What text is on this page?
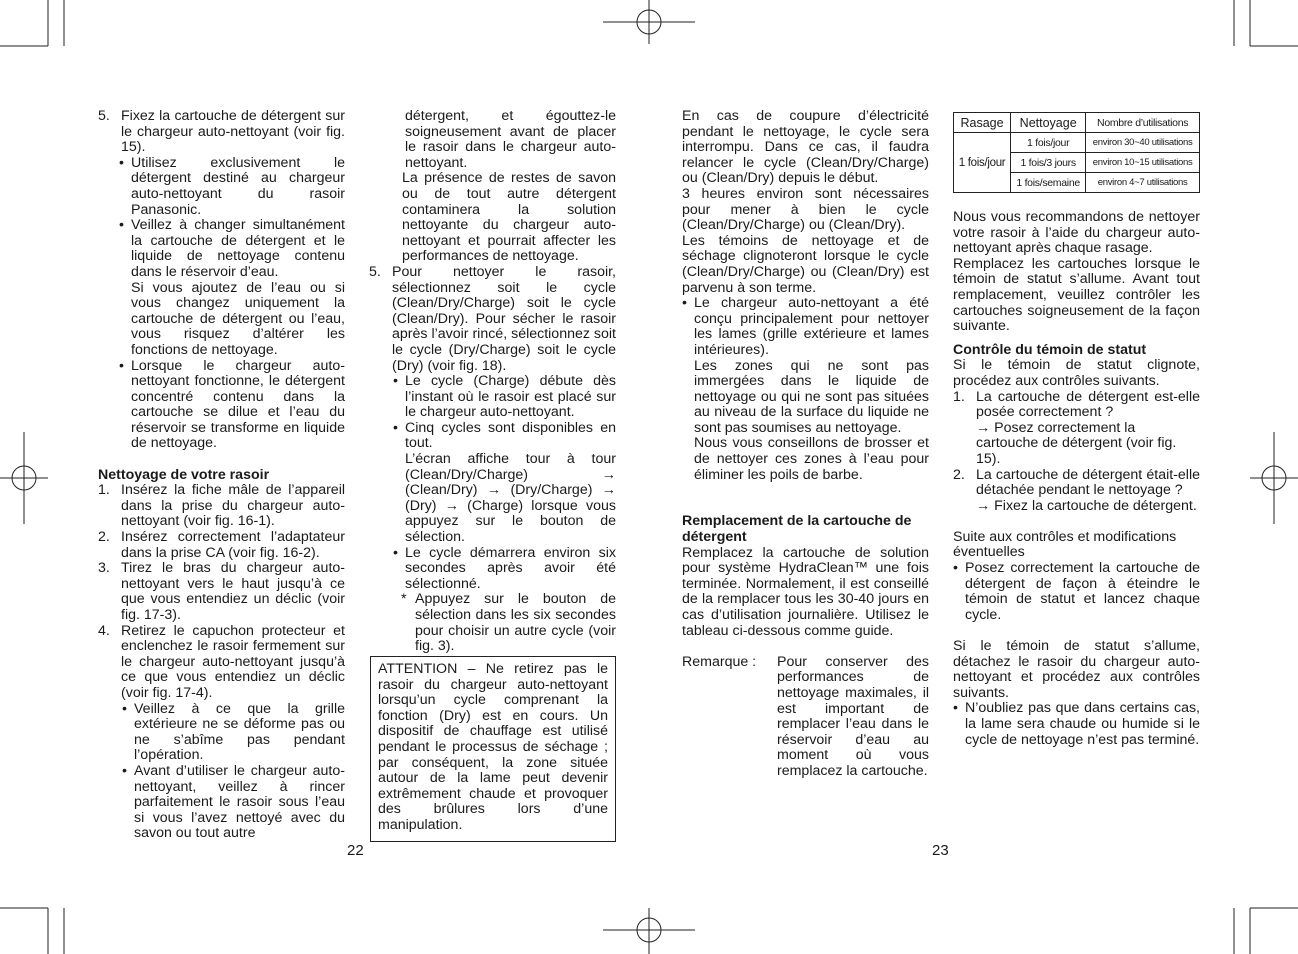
5. Fixez la cartouche de détergent sur le chargeur auto-nettoyant (voir fig. 15).
• Utilisez exclusivement le détergent destiné au chargeur auto-nettoyant du rasoir Panasonic.
• Veillez à changer simultanément la cartouche de détergent et le liquide de nettoyage contenu dans le réservoir d’eau.
Si vous ajoutez de l’eau ou si vous changez uniquement la cartouche de détergent ou l’eau, vous risquez d’altérer les fonctions de nettoyage.
• Lorsque le chargeur auto-nettoyant fonctionne, le détergent concentré contenu dans la cartouche se dilue et l’eau du réservoir se transforme en liquide de nettoyage.

Nettoyage de votre rasoir

1. Insérez la fiche mâle de l’appareil dans la prise du chargeur auto-nettoyant (voir fig. 16-1).
2. Insérez correctement l’adaptateur dans la prise CA (voir fig. 16-2).
3. Tirez le bras du chargeur auto-nettoyant vers le haut jusqu’à ce que vous entendiez un déclic (voir fig. 17-3).
4. Retirez le capuchon protecteur et enclenchez le rasoir fermement sur le chargeur auto-nettoyant jusqu’à ce que vous entendiez un déclic (voir fig. 17-4).
• Veillez à ce que la grille extérieure ne se déforme pas ou ne s’abîme pas pendant l’opération.
• Avant d’utiliser le chargeur auto-nettoyant, veillez à rincer parfaitement le rasoir sous l’eau si vous l’avez nettoyé avec du savon ou tout autre

détergent, et égouttez-le soigneusement avant de placer le rasoir dans le chargeur auto-nettoyant.

La présence de restes de savon ou de tout autre détergent contaminera la solution nettoyante du chargeur auto-nettoyant et pourrait affecter les performances de nettoyage.

5. Pour nettoyer le rasoir, sélectionnez soit le cycle (Clean/Dry/Charge) soit le cycle (Clean/Dry). Pour sécher le rasoir après l’avoir rincé, sélectionnez soit le cycle (Dry/Charge) soit le cycle (Dry) (voir fig. 18).
• Le cycle (Charge) débute dès l’instant où le rasoir est placé sur le chargeur auto-nettoyant.
• Cinq cycles sont disponibles en tout.
L’écran affiche tour à tour (Clean/Dry/Charge) → (Clean/Dry) → (Dry/Charge) → (Dry) → (Charge) lorsque vous appuyez sur le bouton de sélection.
• Le cycle démarrera environ six secondes après avoir été sélectionné.
* Appuyez sur le bouton de sélection dans les six secondes pour choisir un autre cycle (voir fig. 3).
ATTENTION – Ne retirez pas le rasoir du chargeur auto-nettoyant lorsqu’un cycle comprenant la fonction (Dry) est en cours. Un dispositif de chauffage est utilisé pendant le processus de séchage ; par conséquent, la zone située autour de la lame peut devenir extrêmement chaude et provoquer des brûlures lors d’une manipulation.
22

En cas de coupure d’électricité pendant le nettoyage, le cycle sera interrompu. Dans ce cas, il faudra relancer le cycle (Clean/Dry/Charge) ou (Clean/Dry) depuis le début.

3 heures environ sont nécessaires pour mener à bien le cycle (Clean/Dry/Charge) ou (Clean/Dry).

Les témoins de nettoyage et de séchage clignoteront lorsque le cycle (Clean/Dry/Charge) ou (Clean/Dry) est parvenu à son terme.

• Le chargeur auto-nettoyant a été conçu principalement pour nettoyer les lames (grille extérieure et lames intérieures).
Les zones qui ne sont pas immergées dans le liquide de nettoyage ou qui ne sont pas situées au niveau de la surface du liquide ne sont pas soumises au nettoyage.
Nous vous conseillons de brosser et de nettoyer ces zones à l’eau pour éliminer les poils de barbe.

Remplacement de la cartouche de détergent

Remplacez la cartouche de solution pour système HydraClean™ une fois terminée. Normalement, il est conseillé de la remplacer tous les 30-40 jours en cas d’utilisation journalière. Utilisez le tableau ci-dessous comme guide.

Remarque :	Pour conserver des performances de nettoyage maximales, il est important de remplacer l’eau dans le réservoir d’eau au moment où vous remplacez la cartouche.

Rasage	Nettoyage	Nombre d’utilisations
1 fois/jour	1 fois/jour	environ 30~40 utilisations
	1 fois/3 jours	environ 10~15 utilisations
	1 fois/semaine	environ 4~7 utilisations

Nous vous recommandons de nettoyer votre rasoir à l’aide du chargeur auto-nettoyant après chaque rasage.

Remplacez les cartouches lorsque le témoin de statut s’allume. Avant tout remplacement, veuillez contrôler les cartouches soigneusement de la façon suivante.

Contrôle du témoin de statut

Si le témoin de statut clignote, procédez aux contrôles suivants.

1. La cartouche de détergent est-elle posée correctement ?
→ Posez correctement la cartouche de détergent (voir fig. 15).
2. La cartouche de détergent était-elle détachée pendant le nettoyage ?
→ Fixez la cartouche de détergent.

Suite aux contrôles et modifications éventuelles

• Posez correctement la cartouche de détergent de façon à éteindre le témoin de statut et lancez chaque cycle.

Si le témoin de statut s’allume, détachez le rasoir du chargeur auto-nettoyant et procédez aux contrôles suivants.

• N’oubliez pas que dans certains cas, la lame sera chaude ou humide si le cycle de nettoyage n’est pas terminé.
23
